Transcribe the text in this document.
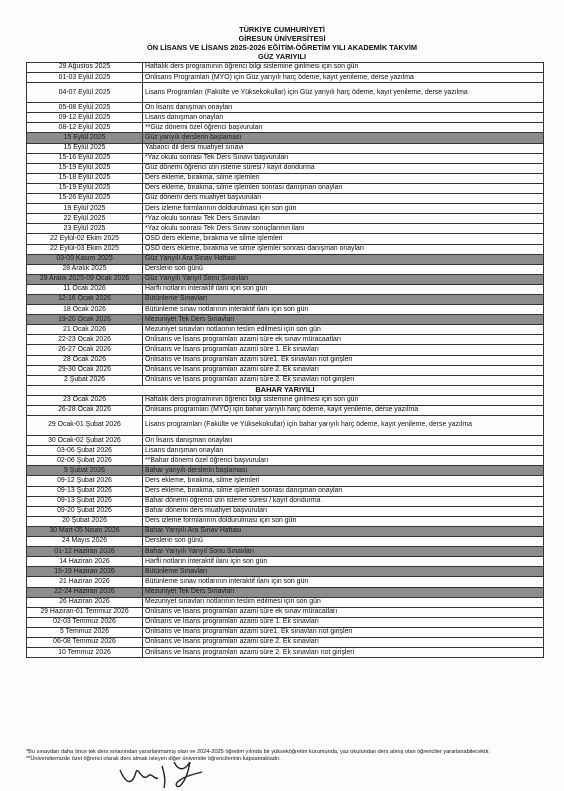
TÜRKİYE CUMHURİYETİ
GİRESUN ÜNİVERSİTESİ
ÖN LİSANS VE LİSANS 2025-2026 EĞİTİM-ÖĞRETİM YILI AKADEMİK TAKVİM
GÜZ YARIYILI
29 Ağustos 2025	Haftalık ders programının öğrenci bilgi sistemine girilmesi için son gün
01-03 Eylül 2025	Önlisans Programları (MYO) için Güz yarıyılı harç ödeme, kayıt yenileme, derse yazılma
04-07 Eylül 2025	Lisans Programları (Fakülte ve Yüksekokullar) için Güz yarıyılı harç ödeme, kayıt yenileme, derse yazılma
05-08 Eylül 2025	Ön lisans danışman onayları
09-12 Eylül 2025	Lisans danışman onayları
08-12 Eylül 2025	**Güz dönemi özel öğrenci başvuruları
15 Eylül 2025	Güz yarıyılı derslerin başlaması
15 Eylül 2025	Yabancı dil dersi muafiyet sınavı
15-16 Eylül 2025	*Yaz okulu sonrası Tek Ders Sınavı başvuruları
15-19 Eylül 2025	Güz dönemi öğrenci izin isteme süresi / kayıt dondurma
15-18 Eylül 2025	Ders ekleme, bırakma, silme işlemleri
15-19 Eylül 2025	Ders ekleme, bırakma, silme işlemleri sonrası danışman onayları
15-26 Eylül 2025	Güz dönemi ders muafiyet başvuruları
19 Eylül 2025	Ders izleme formlarının doldurulması için son gün
22 Eylül 2025	*Yaz okulu sonrası Tek Ders Sınavları
23 Eylül 2025	*Yaz okulu sonrası Tek Ders Sınav sonuçlarının ilanı
22 Eylül-02 Ekim 2025	OSD ders ekleme, bırakma ve silme işlemleri
22 Eylül-03 Ekim 2025	OSD ders ekleme, bırakma ve silme işlemler sonrası danışman onayları
03-09 Kasım 2025	Güz Yarıyılı Ara Sınav Haftası
28 Aralık 2025	Derslerin son günü
29 Aralık 2025-09 Ocak 2026	Güz Yarıyılı Yarıyıl Sonu Sınavları
11 Ocak 2026	Harfli notların interaktif ilanı için son gün
12-16 Ocak 2026	Bütünleme Sınavları
18 Ocak 2026	Bütünleme sınav notlarının interaktif ilanı için son gün
19-20 Ocak 2026	Mezuniyet Tek Ders Sınavları
21 Ocak 2026	Mezuniyet sınavları notlarının teslim edilmesi için son gün
22-23 Ocak 2026	Önlisans ve lisans programları azami süre ek sınav müracaatları
26-27 Ocak 2026	Önlisans ve lisans programları azami süre 1. Ek sınavları
28 Ocak 2026	Önlisans ve lisans programları azami süre1. Ek sınavları not girişleri
29-30 Ocak 2026	Önlisans ve lisans programları azami süre 2. Ek sınavları
2 Şubat 2026	Önlisans ve lisans programları azami süre 2. Ek sınavları not girişleri
BAHAR YARIYILI	
23 Ocak 2026	Haftalık ders programının öğrenci bilgi sistemine girilmesi için son gün
26-28 Ocak 2026	Önlisans programları (MYO) için bahar yarıyılı harç ödeme, kayıt yenileme, derse yazılma
29 Ocak-01 Şubat 2026	Lisans programları (Fakülte ve Yüksekokullar) için bahar yarıyılı harç ödeme, kayıt yenileme, derse yazılma
30 Ocak-02 Şubat 2026	Ön lisans danışman onayları
03-06 Şubat 2026	Lisans danışman onayları
02-06 Şubat 2026	**Bahar dönemi özel öğrenci başvuruları
9 Şubat 2026	Bahar yarıyılı derslerin başlaması
09-12 Şubat 2026	Ders ekleme, bırakma, silme işlemleri
09-13 Şubat 2026	Ders ekleme, bırakma, silme işlemleri sonrası danışman onayları
09-13 Şubat 2026	Bahar dönemi öğrenci izin isteme süresi / kayıt dondurma
09-20 Şubat 2026	Bahar dönemi ders muafiyet başvuruları
20 Şubat 2026	Ders izleme formlarının doldurulması için son gün
30 Mart-05 Nisan 2026	Bahar Yarıyılı Ara Sınav Haftası
24 Mayıs 2026	Derslerin son günü
01-12 Haziran 2026	Bahar Yarıyılı Yarıyıl Sonu Sınavları
14 Haziran 2026	Harfli notların interaktif ilanı için son gün
15-19 Haziran 2026	Bütünleme Sınavları
21 Haziran 2026	Bütünleme sınav notlarının interaktif ilanı için son gün
22-24 Haziran 2026	Mezuniyet Tek Ders Sınavları
26 Haziran 2026	Mezuniyet sınavları notlarının teslim edilmesi için son gün
29 Haziran-01 Temmuz 2026	Önlisans ve lisans programları azami süre ek sınav müracatları
02-03 Temmuz 2026	Önlisans ve lisans programları azami süre 1. Ek sınavları
5 Temmuz 2026	Önlisans ve lisans programları azami süre1. Ek sınavları not girişleri
06-08 Temmuz 2026	Önlisans ve lisans programları azami süre 2. Ek sınavları
10 Temmuz 2026	Önlisans ve lisans programları azami süre 2. Ek sınavları not girişleri
*Bu sınavdan daha önce tek ders sınavından yararlanmamış olan ve 2024-2025 öğretim yılında bir yükseköğretim kurumunda, yaz okulundan ders almış olan öğrenciler yararlanabilecektir.
**Üniversitemizde özel öğrenci olarak ders almak isteyen diğer üniversite öğrencilerinin kapsamaktadır.
